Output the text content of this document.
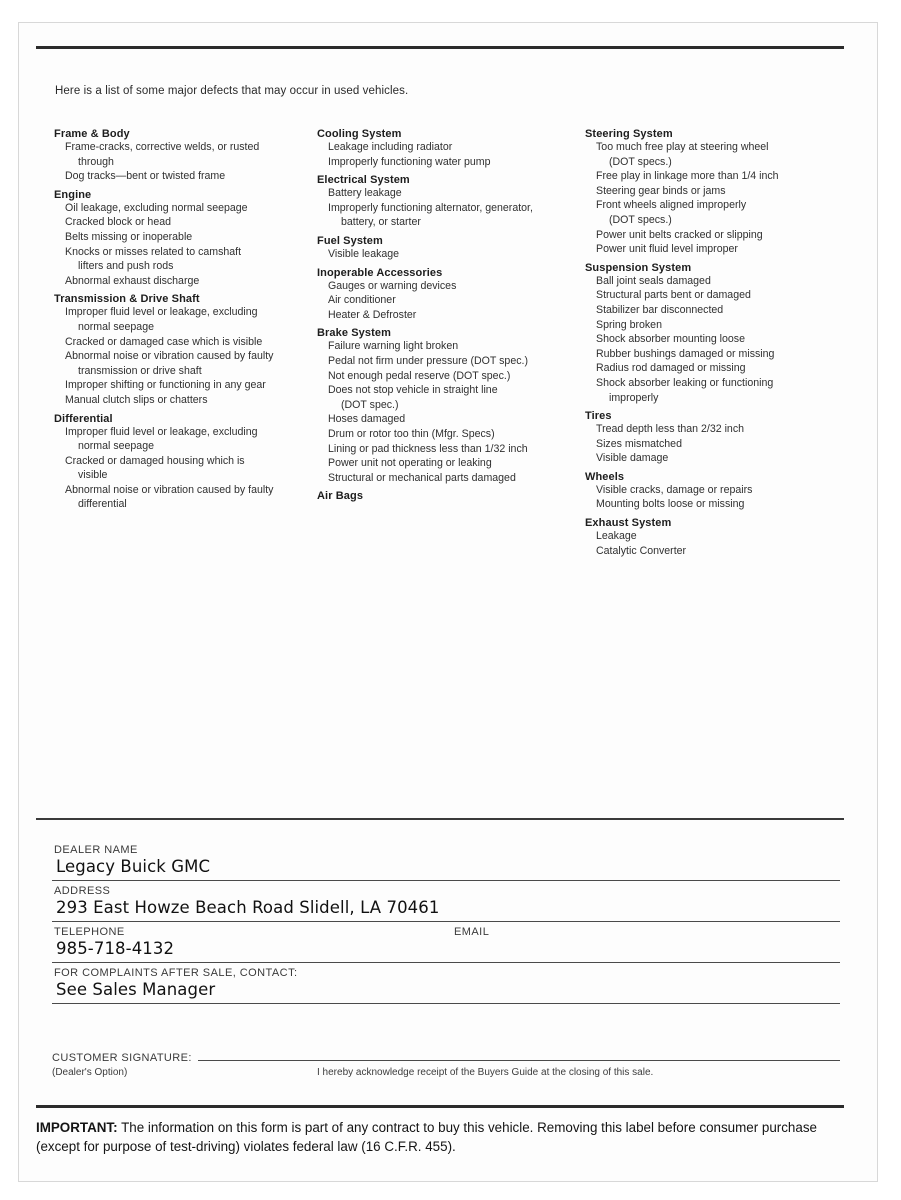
Here is a list of some major defects that may occur in used vehicles.
Frame & Body
Frame-cracks, corrective welds, or rusted
through
Dog tracks—bent or twisted frame
Engine
Oil leakage, excluding normal seepage
Cracked block or head
Belts missing or inoperable
Knocks or misses related to camshaft
lifters and push rods
Abnormal exhaust discharge
Transmission & Drive Shaft
Improper fluid level or leakage, excluding
normal seepage
Cracked or damaged case which is visible
Abnormal noise or vibration caused by faulty
transmission or drive shaft
Improper shifting or functioning in any gear
Manual clutch slips or chatters
Differential
Improper fluid level or leakage, excluding
normal seepage
Cracked or damaged housing which is
visible
Abnormal noise or vibration caused by faulty
differential
Cooling System
Leakage including radiator
Improperly functioning water pump
Electrical System
Battery leakage
Improperly functioning alternator, generator,
battery, or starter
Fuel System
Visible leakage
Inoperable Accessories
Gauges or warning devices
Air conditioner
Heater & Defroster
Brake System
Failure warning light broken
Pedal not firm under pressure (DOT spec.)
Not enough pedal reserve (DOT spec.)
Does not stop vehicle in straight line
(DOT spec.)
Hoses damaged
Drum or rotor too thin (Mfgr. Specs)
Lining or pad thickness less than 1/32 inch
Power unit not operating or leaking
Structural or mechanical parts damaged
Air Bags
Steering System
Too much free play at steering wheel
(DOT specs.)
Free play in linkage more than 1/4 inch
Steering gear binds or jams
Front wheels aligned improperly
(DOT specs.)
Power unit belts cracked or slipping
Power unit fluid level improper
Suspension System
Ball joint seals damaged
Structural parts bent or damaged
Stabilizer bar disconnected
Spring broken
Shock absorber mounting loose
Rubber bushings damaged or missing
Radius rod damaged or missing
Shock absorber leaking or functioning
improperly
Tires
Tread depth less than 2/32 inch
Sizes mismatched
Visible damage
Wheels
Visible cracks, damage or repairs
Mounting bolts loose or missing
Exhaust System
Leakage
Catalytic Converter
DEALER NAME
Legacy Buick GMC
ADDRESS
293 East Howze Beach Road Slidell, LA 70461
TELEPHONE	EMAIL
985-718-4132

FOR COMPLAINTS AFTER SALE, CONTACT:
See Sales Manager
CUSTOMER SIGNATURE:
(Dealer's Option)	I hereby acknowledge receipt of the Buyers Guide at the closing of this sale.
IMPORTANT: The information on this form is part of any contract to buy this vehicle. Removing this label before consumer purchase (except for purpose of test-driving) violates federal law (16 C.F.R. 455).
